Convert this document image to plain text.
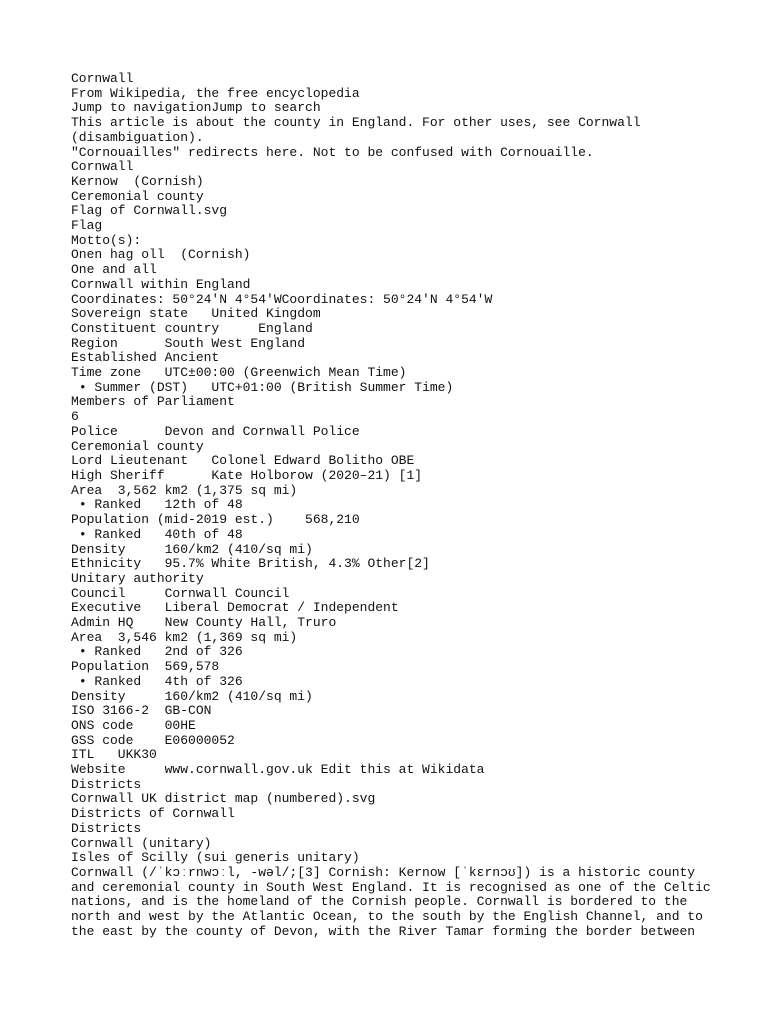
Cornwall
From Wikipedia, the free encyclopedia
Jump to navigationJump to search
This article is about the county in England. For other uses, see Cornwall (disambiguation).
"Cornouailles" redirects here. Not to be confused with Cornouaille.
Cornwall
Kernow  (Cornish)
Ceremonial county
Flag of Cornwall.svg
Flag
Motto(s):
Onen hag oll  (Cornish)
One and all
Cornwall within England
Coordinates: 50°24′N 4°54′WCoordinates: 50°24′N 4°54′W
Sovereign state   United Kingdom
Constituent country     England
Region      South West England
Established Ancient
Time zone   UTC±00:00 (Greenwich Mean Time)
• Summer (DST)   UTC+01:00 (British Summer Time)
Members of Parliament
6
Police      Devon and Cornwall Police
Ceremonial county
Lord Lieutenant   Colonel Edward Bolitho OBE
High Sheriff      Kate Holborow (2020–21) [1]
Area  3,562 km2 (1,375 sq mi)
• Ranked   12th of 48
Population (mid-2019 est.)    568,210
• Ranked   40th of 48
Density     160/km2 (410/sq mi)
Ethnicity   95.7% White British, 4.3% Other[2]
Unitary authority
Council     Cornwall Council
Executive   Liberal Democrat / Independent
Admin HQ    New County Hall, Truro
Area  3,546 km2 (1,369 sq mi)
• Ranked   2nd of 326
Population  569,578
• Ranked   4th of 326
Density     160/km2 (410/sq mi)
ISO 3166-2  GB-CON
ONS code    00HE
GSS code    E06000052
ITL   UKK30
Website     www.cornwall.gov.uk Edit this at Wikidata
Districts
Cornwall UK district map (numbered).svg
Districts of Cornwall
Districts
Cornwall (unitary)
Isles of Scilly (sui generis unitary)
Cornwall (/ˈkɔːrnwɔːl, -wəl/;[3] Cornish: Kernow [ˈkɛrnɔʊ]) is a historic county and ceremonial county in South West England. It is recognised as one of the Celtic nations, and is the homeland of the Cornish people. Cornwall is bordered to the north and west by the Atlantic Ocean, to the south by the English Channel, and to the east by the county of Devon, with the River Tamar forming the border between
